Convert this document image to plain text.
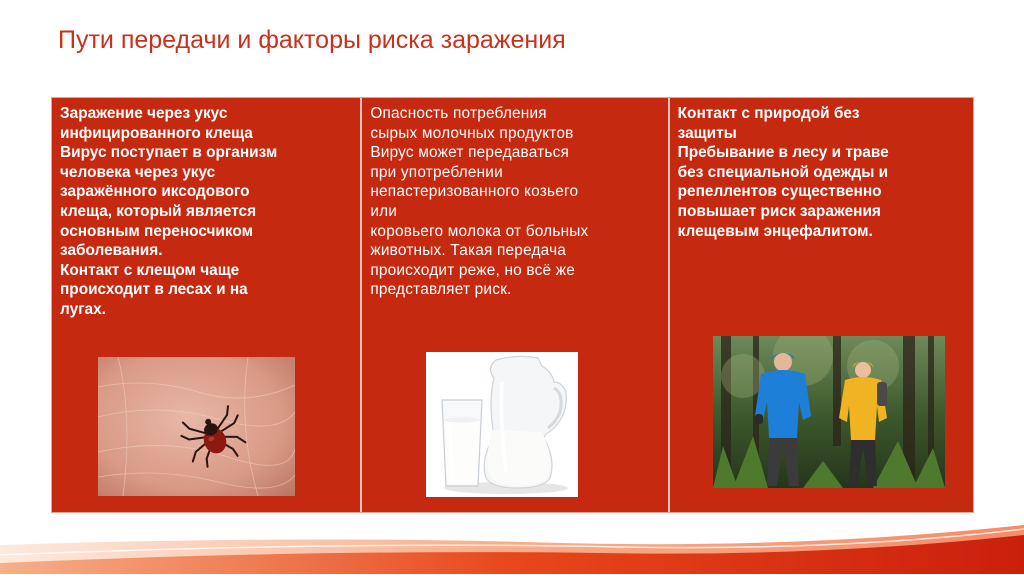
Пути передачи и факторы риска заражения
Заражение через укус
инфицированного клеща
Вирус поступает в организм
человека через укус
заражённого иксодового
клеща, который является
основным переносчиком
заболевания.
Контакт с клещом чаще
происходит в лесах и на
лугах.
Опасность потребления
сырых молочных продуктов
Вирус может передаваться
при употреблении
непастеризованного козьего
или
коровьего молока от больных
животных. Такая передача
происходит реже, но всё же
представляет риск.
Контакт с природой без
защиты
Пребывание в лесу и траве
без специальной одежды и
репеллентов существенно
повышает риск заражения
клещевым энцефалитом.
